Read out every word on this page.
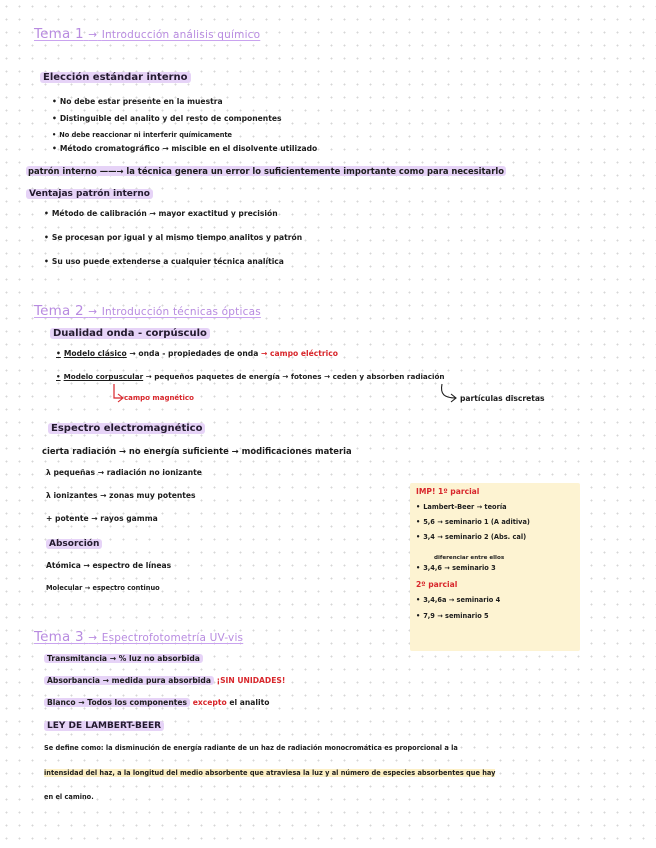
Tema 1 → Introducción análisis químico
Elección estándar interno
• No debe estar presente en la muestra
• Distinguible del analito y del resto de componentes
• No debe reaccionar ni interferir químicamente
• Método cromatográfico → miscible en el disolvente utilizado
patrón interno ——→ la técnica genera un error lo suficientemente importante como para necesitarlo
Ventajas patrón interno
• Método de calibración → mayor exactitud y precisión
• Se procesan por igual y al mismo tiempo analitos y patrón
• Su uso puede extenderse a cualquier técnica analítica
Tema 2 → Introducción técnicas ópticas
Dualidad onda - corpúsculo
• Modelo clásico → onda - propiedades de onda → campo eléctrico
• Modelo corpuscular → pequeños paquetes de energía → fotones → ceden y absorben radiación
campo magnético	partículas discretas
Espectro electromagnético
cierta radiación → no energía suficiente → modificaciones materia
λ pequeñas → radiación no ionizante
λ ionizantes → zonas muy potentes
+ potente → rayos gamma
Absorción
Atómica → espectro de líneas
Molecular → espectro continuo
IMP! 1º parcial
• Lambert-Beer → teoría
• 5,6 → seminario 1 (A aditiva)
• 3,4 → seminario 2 (Abs. cal)
diferenciar entre ellos
• 3,4,6 → seminario 3
2º parcial
• 3,4,6a → seminario 4
• 7,9 → seminario 5
Tema 3 → Espectrofotometría UV-vis
Transmitancia → % luz no absorbida
Absorbancia → medida pura absorbida ¡SIN UNIDADES!
Blanco → Todos los componentes excepto el analito
LEY DE LAMBERT-BEER
Se define como: la disminución de energía radiante de un haz de radiación monocromática es proporcional a la
intensidad del haz, a la longitud del medio absorbente que atraviesa la luz y al número de especies absorbentes que hay
en el camino.
